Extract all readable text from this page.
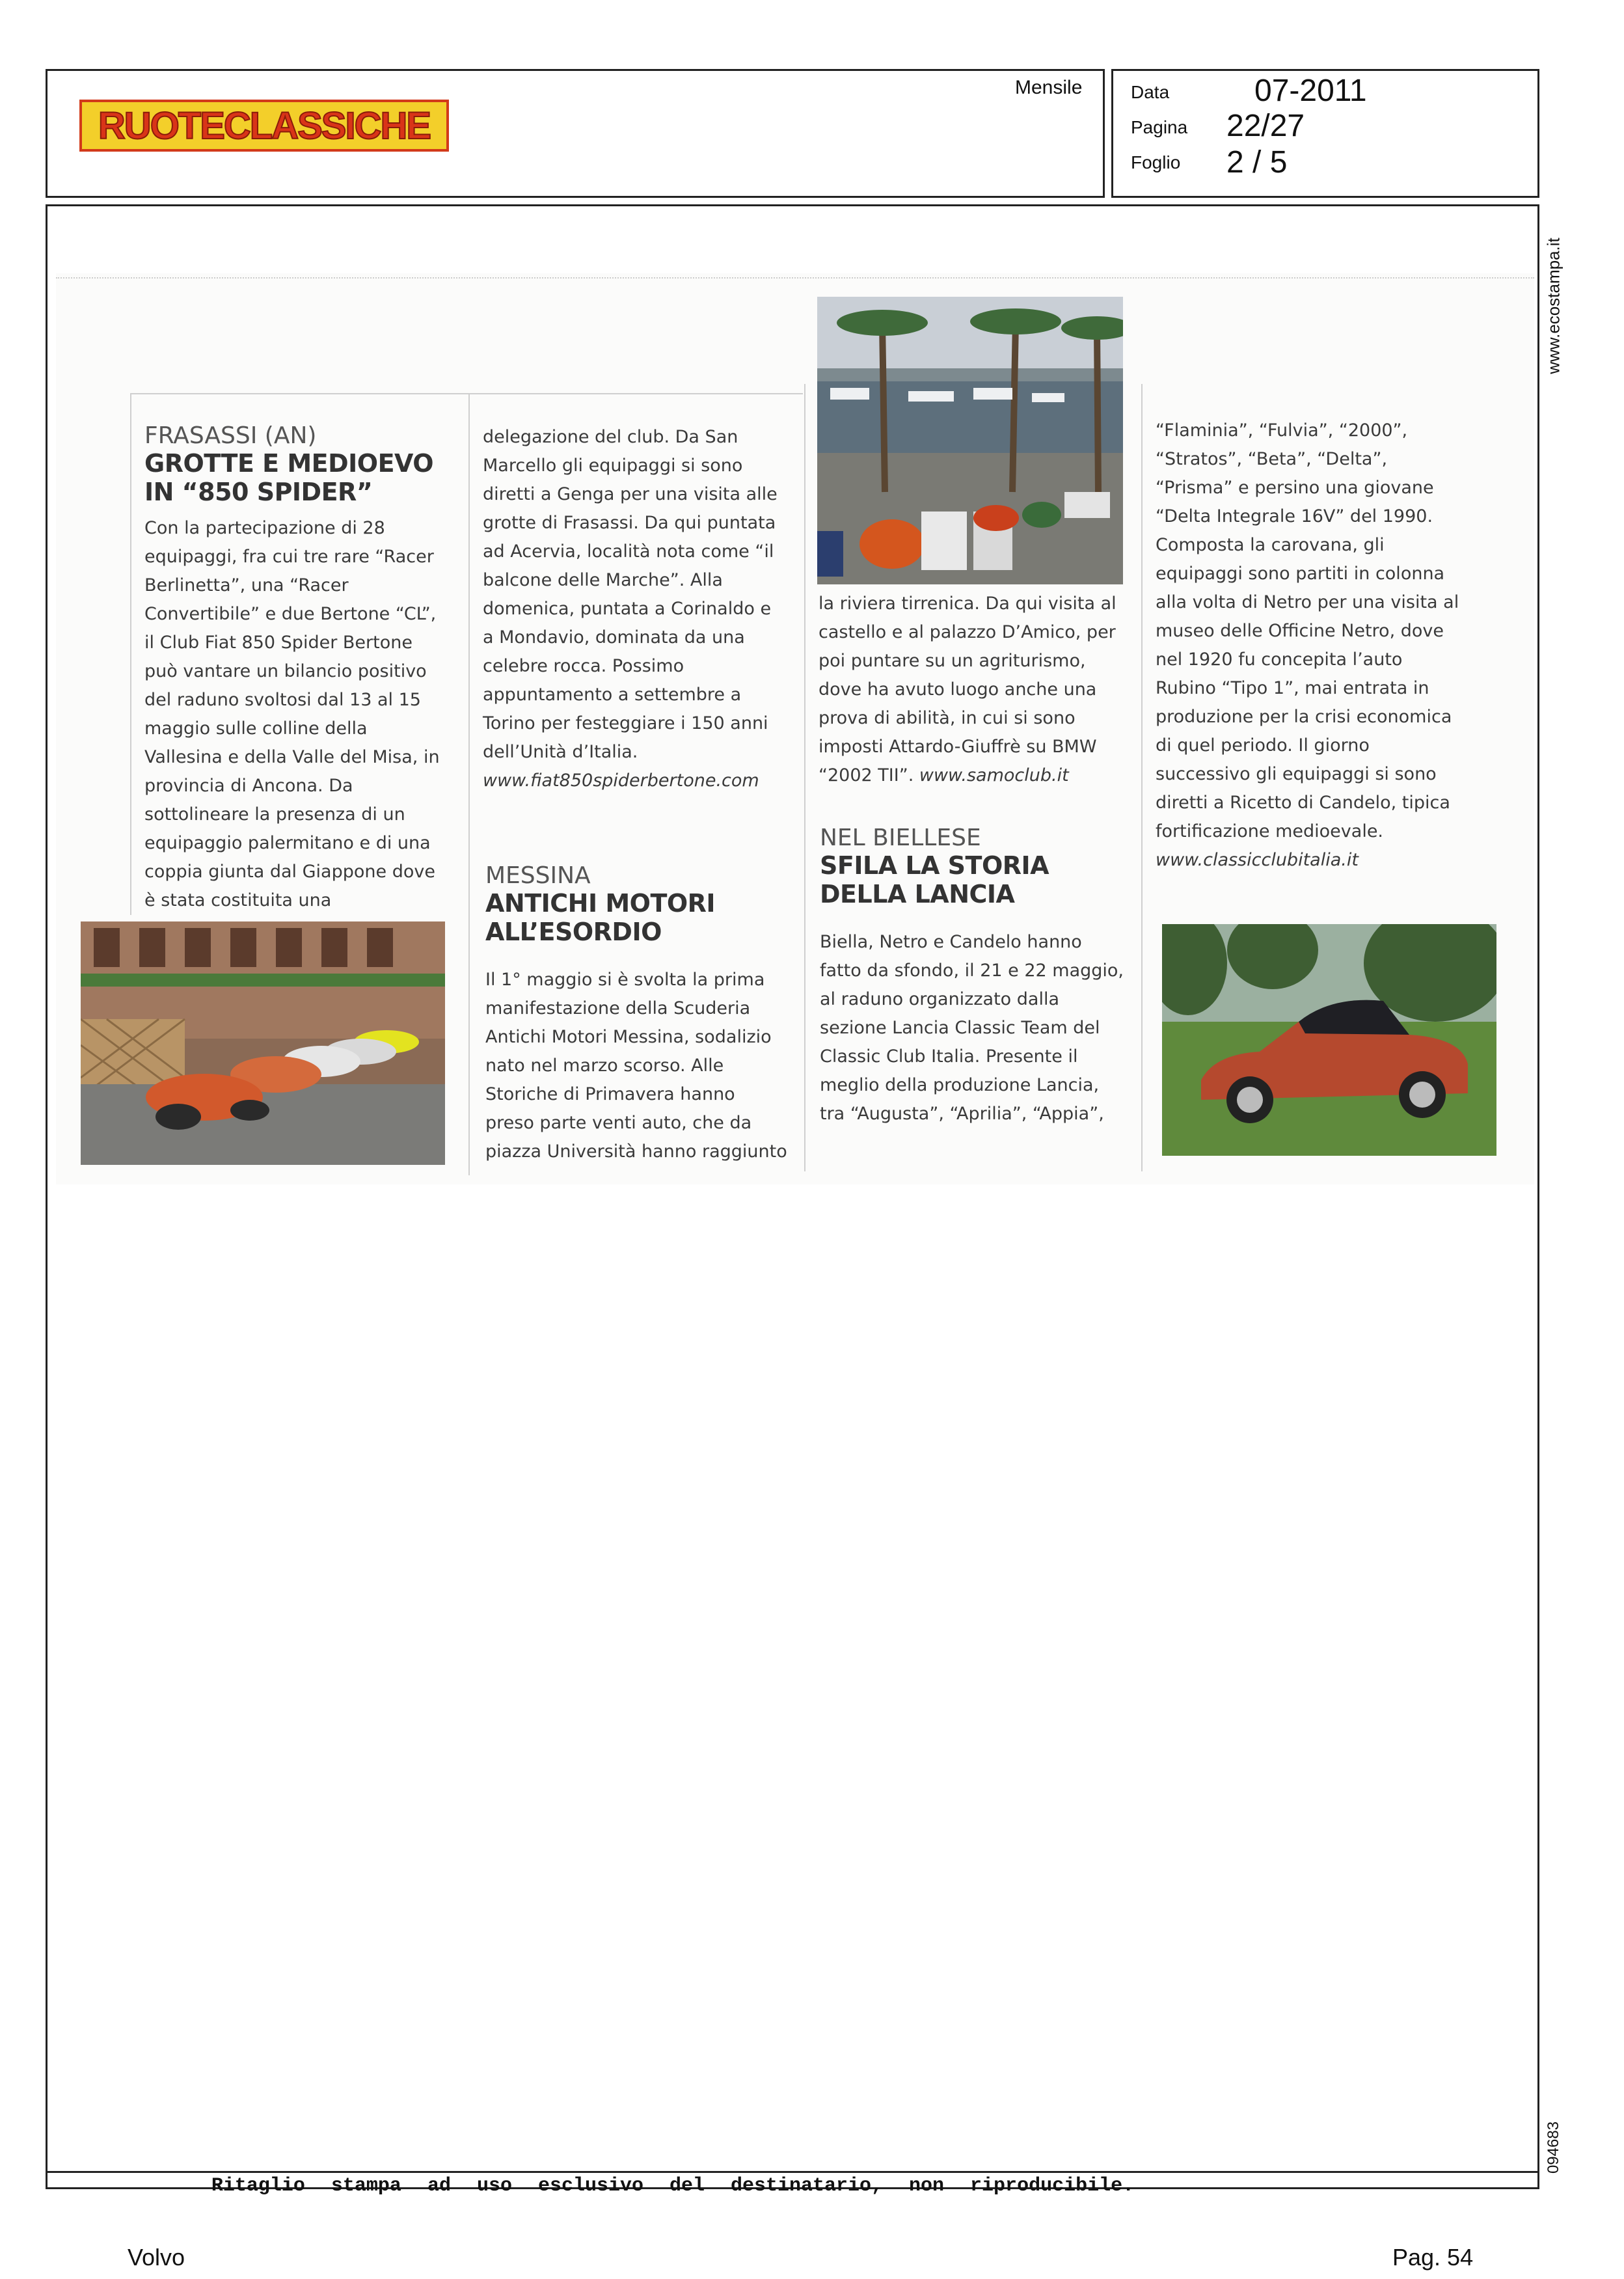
RUOTECLASSICHE
Mensile	Data	07-2011
Pagina 22/27
Foglio 2 / 5
www.ecostampa.it
094683
FRASASSI (AN)
GROTTE E MEDIOEVO
IN “850 SPIDER”

Con la partecipazione di 28 equipaggi, fra cui tre rare “Racer Berlinetta”, una “Racer Convertibile” e due Bertone “CL”, il Club Fiat 850 Spider Bertone può vantare un bilancio positivo del raduno svoltosi dal 13 al 15 maggio sulle colline della Vallesina e della Valle del Misa, in provincia di Ancona. Da sottolineare la presenza di un equipaggio palermitano e di una coppia giunta dal Giappone dove è stata costituita una

delegazione del club. Da San Marcello gli equipaggi si sono diretti a Genga per una visita alle grotte di Frasassi. Da qui puntata ad Acervia, località nota come “il balcone delle Marche”. Alla domenica, puntata a Corinaldo e a Mondavio, dominata da una celebre rocca. Possimo appuntamento a settembre a Torino per festeggiare i 150 anni dell’Unità d’Italia.

www.fiat850spiderbertone.com

MESSINA
ANTICHI MOTORI
ALL’ESORDIO

Il 1° maggio si è svolta la prima manifestazione della Scuderia Antichi Motori Messina, sodalizio nato nel marzo scorso. Alle Storiche di Primavera hanno preso parte venti auto, che da piazza Università hanno raggiunto

la riviera tirrenica. Da qui visita al castello e al palazzo D’Amico, per poi puntare su un agriturismo, dove ha avuto luogo anche una prova di abilità, in cui si sono imposti Attardo-Giuffrè su BMW “2002 TII”. www.samoclub.it

NEL BIELLESE
SFILA LA STORIA
DELLA LANCIA

Biella, Netro e Candelo hanno fatto da sfondo, il 21 e 22 maggio, al raduno organizzato dalla sezione Lancia Classic Team del Classic Club Italia. Presente il meglio della produzione Lancia, tra “Augusta”, “Aprilia”, “Appia”,

“Flaminia”, “Fulvia”, “2000”, “Stratos”, “Beta”, “Delta”, “Prisma” e persino una giovane “Delta Integrale 16V” del 1990. Composta la carovana, gli equipaggi sono partiti in colonna alla volta di Netro per una visita al museo delle Officine Netro, dove nel 1920 fu concepita l’auto Rubino “Tipo 1”, mai entrata in produzione per la crisi economica di quel periodo. Il giorno successivo gli equipaggi si sono diretti a Ricetto di Candelo, tipica fortificazione medioevale.

www.classicclubitalia.it

Ritaglio stampa ad uso esclusivo del destinatario, non riproducibile.
Volvo	Pag. 54
